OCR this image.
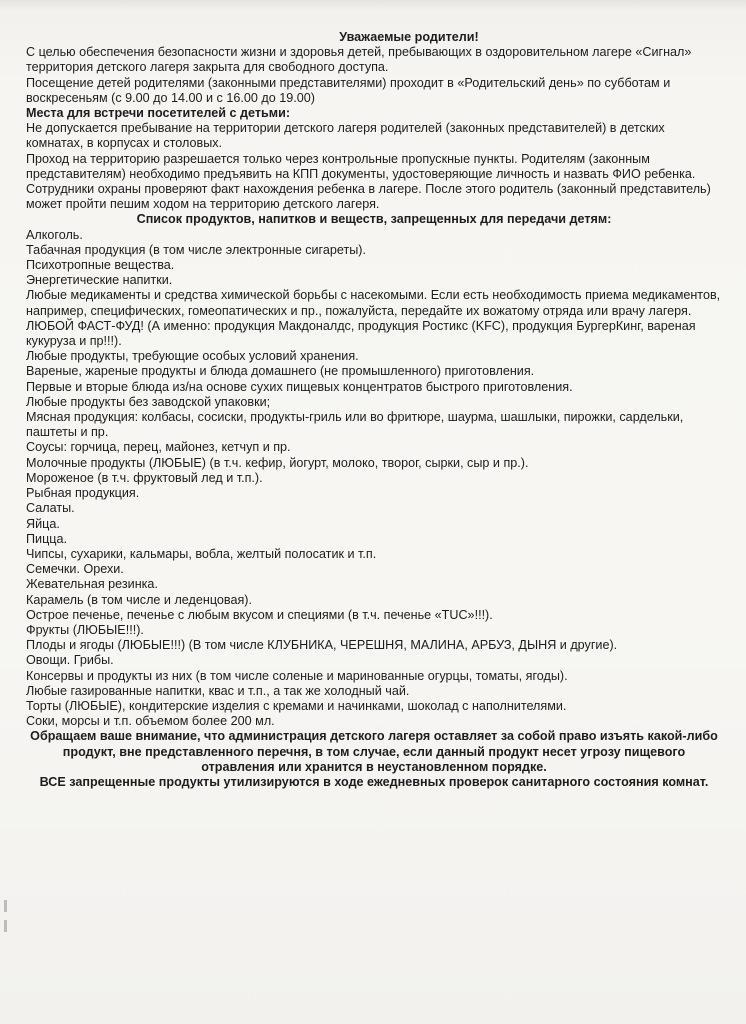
Уважаемые родители!

С целью обеспечения безопасности жизни и здоровья детей, пребывающих в оздоровительном лагере «Сигнал» территория детского лагеря закрыта для свободного доступа.

Посещение детей родителями (законными представителями) проходит в «Родительский день» по субботам и воскресеньям (с 9.00 до 14.00 и с 16.00 до 19.00)

Места для встречи посетителей с детьми:

Не допускается пребывание на территории детского лагеря родителей (законных представителей) в детских комнатах, в корпусах и столовых.

Проход на территорию разрешается только через контрольные пропускные пункты. Родителям (законным представителям) необходимо предъявить на КПП документы, удостоверяющие личность и назвать ФИО ребенка. Сотрудники охраны проверяют факт нахождения ребенка в лагере. После этого родитель (законный представитель) может пройти пешим ходом на территорию детского лагеря.

Список продуктов, напитков и веществ, запрещенных для передачи детям:

Алкоголь.
Табачная продукция (в том числе электронные сигареты).
Психотропные вещества.
Энергетические напитки.
Любые медикаменты и средства химической борьбы с насекомыми. Если есть необходимость приема медикаментов, например, специфических, гомеопатических и пр., пожалуйста, передайте их вожатому отряда или врачу лагеря.
ЛЮБОЙ ФАСТ-ФУД! (А именно: продукция Макдоналдс, продукция Ростикс (KFC), продукция БургерКинг, вареная кукуруза и пр!!!).
Любые продукты, требующие особых условий хранения.
Вареные, жареные продукты и блюда домашнего (не промышленного) приготовления.
Первые и вторые блюда из/на основе сухих пищевых концентратов быстрого приготовления.
Любые продукты без заводской упаковки;
Мясная продукция: колбасы, сосиски, продукты-гриль или во фритюре, шаурма, шашлыки, пирожки, сардельки, паштеты и пр.
Соусы: горчица, перец, майонез, кетчуп и пр.
Молочные продукты (ЛЮБЫЕ) (в т.ч. кефир, йогурт, молоко, творог, сырки, сыр и пр.).
Мороженое (в т.ч. фруктовый лед и т.п.).
Рыбная продукция.
Салаты.
Яйца.
Пицца.
Чипсы, сухарики, кальмары, вобла, желтый полосатик и т.п.
Семечки. Орехи.
Жевательная резинка.
Карамель (в том числе и леденцовая).
Острое печенье, печенье с любым вкусом и специями (в т.ч. печенье «TUC»!!!).
Фрукты (ЛЮБЫЕ!!!).
Плоды и ягоды (ЛЮБЫЕ!!!) (В том числе КЛУБНИКА, ЧЕРЕШНЯ, МАЛИНА, АРБУЗ, ДЫНЯ и другие).
Овощи. Грибы.
Консервы и продукты из них (в том числе соленые и маринованные огурцы, томаты, ягоды).
Любые газированные напитки, квас и т.п., а так же холодный чай.
Торты (ЛЮБЫЕ), кондитерские изделия с кремами и начинками, шоколад с наполнителями.
Соки, морсы и т.п. объемом более 200 мл.

Обращаем ваше внимание, что администрация детского лагеря оставляет за собой право изъять какой-либо продукт, вне представленного перечня, в том случае, если данный продукт несет угрозу пищевого отравления или хранится в неустановленном порядке.

ВСЕ запрещенные продукты утилизируются в ходе ежедневных проверок санитарного состояния комнат.
